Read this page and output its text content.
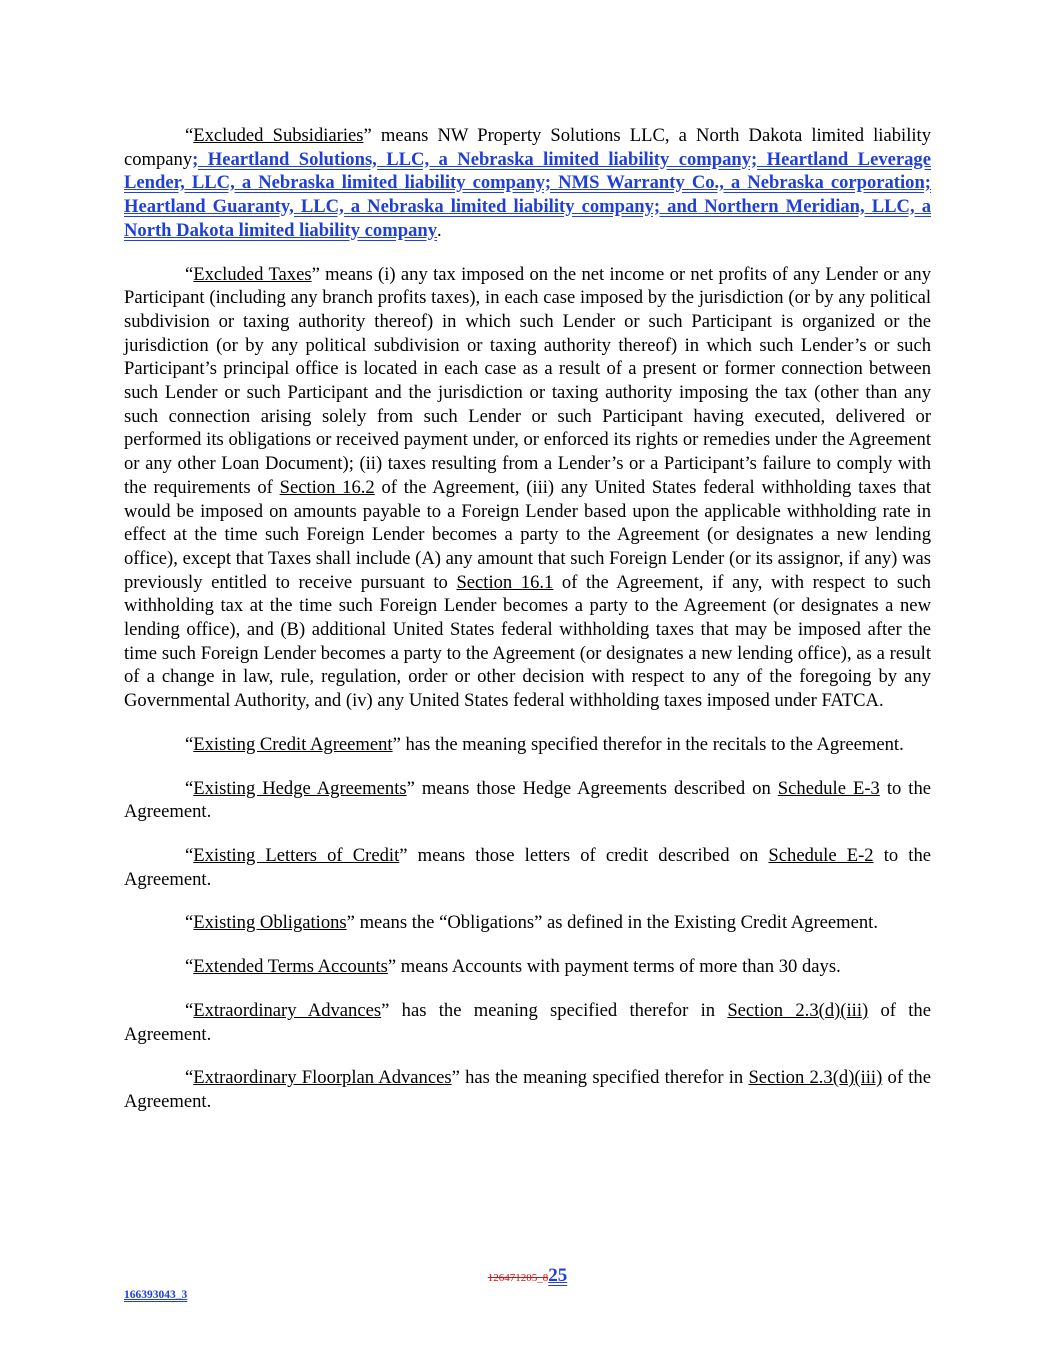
“Excluded Subsidiaries” means NW Property Solutions LLC, a North Dakota limited liability company; Heartland Solutions, LLC, a Nebraska limited liability company; Heartland Leverage Lender, LLC, a Nebraska limited liability company; NMS Warranty Co., a Nebraska corporation; Heartland Guaranty, LLC, a Nebraska limited liability company; and Northern Meridian, LLC, a North Dakota limited liability company.

“Excluded Taxes” means (i) any tax imposed on the net income or net profits of any Lender or any Participant (including any branch profits taxes), in each case imposed by the jurisdiction (or by any political subdivision or taxing authority thereof) in which such Lender or such Participant is organized or the jurisdiction (or by any political subdivision or taxing authority thereof) in which such Lender’s or such Participant’s principal office is located in each case as a result of a present or former connection between such Lender or such Participant and the jurisdiction or taxing authority imposing the tax (other than any such connection arising solely from such Lender or such Participant having executed, delivered or performed its obligations or received payment under, or enforced its rights or remedies under the Agreement or any other Loan Document); (ii) taxes resulting from a Lender’s or a Participant’s failure to comply with the requirements of Section 16.2 of the Agreement, (iii) any United States federal withholding taxes that would be imposed on amounts payable to a Foreign Lender based upon the applicable withholding rate in effect at the time such Foreign Lender becomes a party to the Agreement (or designates a new lending office), except that Taxes shall include (A) any amount that such Foreign Lender (or its assignor, if any) was previously entitled to receive pursuant to Section 16.1 of the Agreement, if any, with respect to such withholding tax at the time such Foreign Lender becomes a party to the Agreement (or designates a new lending office), and (B) additional United States federal withholding taxes that may be imposed after the time such Foreign Lender becomes a party to the Agreement (or designates a new lending office), as a result of a change in law, rule, regulation, order or other decision with respect to any of the foregoing by any Governmental Authority, and (iv) any United States federal withholding taxes imposed under FATCA.

“Existing Credit Agreement” has the meaning specified therefor in the recitals to the Agreement.

“Existing Hedge Agreements” means those Hedge Agreements described on Schedule E-3 to the Agreement.

“Existing Letters of Credit” means those letters of credit described on Schedule E-2 to the Agreement.

“Existing Obligations” means the “Obligations” as defined in the Existing Credit Agreement.

“Extended Terms Accounts” means Accounts with payment terms of more than 30 days.

“Extraordinary Advances” has the meaning specified therefor in Section 2.3(d)(iii) of the Agreement.

“Extraordinary Floorplan Advances” has the meaning specified therefor in Section 2.3(d)(iii) of the Agreement.

126471205_825
166393043_3
